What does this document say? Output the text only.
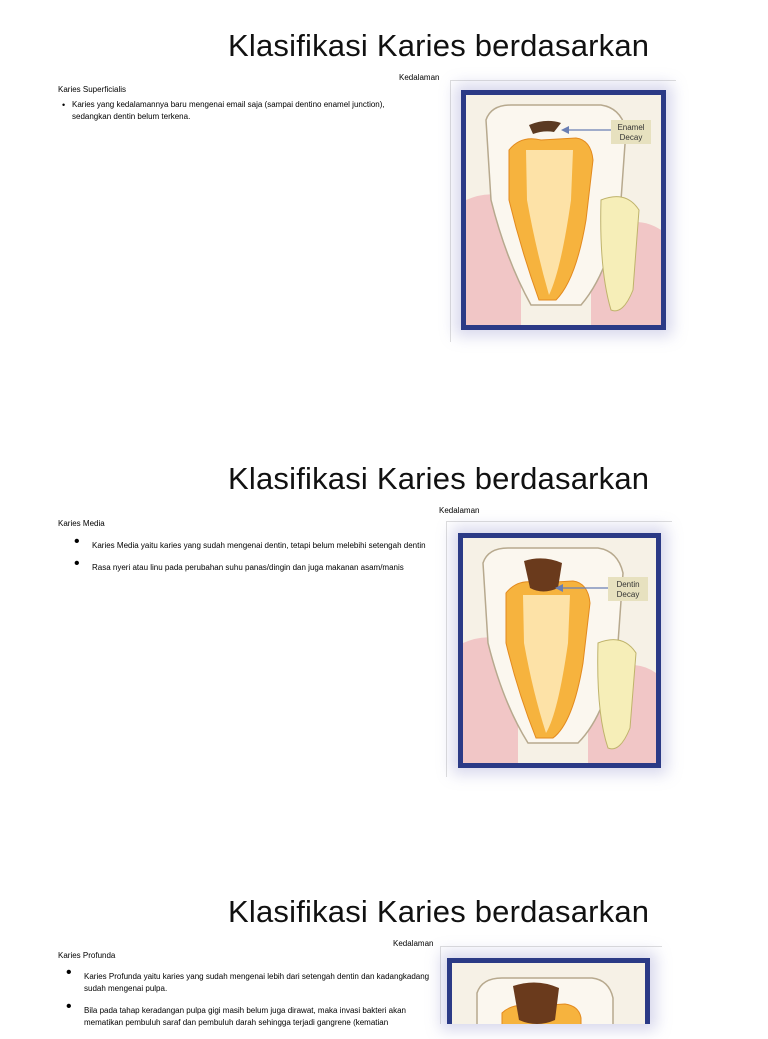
Klasifikasi Karies berdasarkan
Kedalaman
Karies Superficialis
• Karies yang kedalamannya baru mengenai email saja (sampai dentino enamel junction), sedangkan dentin belum terkena.
Enamel
Decay
Klasifikasi Karies berdasarkan
Kedalaman
Karies Media
• Karies Media yaitu karies yang sudah mengenai dentin, tetapi belum melebihi setengah dentin
• Rasa nyeri atau linu pada perubahan suhu panas/dingin dan juga makanan asam/manis
Dentin
Decay
Klasifikasi Karies berdasarkan
Kedalaman
Karies Profunda
• Karies Profunda yaitu karies yang sudah mengenai lebih dari setengah dentin dan kadangkadang sudah mengenai pulpa.
• Bila pada tahap keradangan pulpa gigi masih belum juga dirawat, maka invasi bakteri akan mematikan pembuluh saraf dan pembuluh darah sehingga terjadi gangrene (kematian
